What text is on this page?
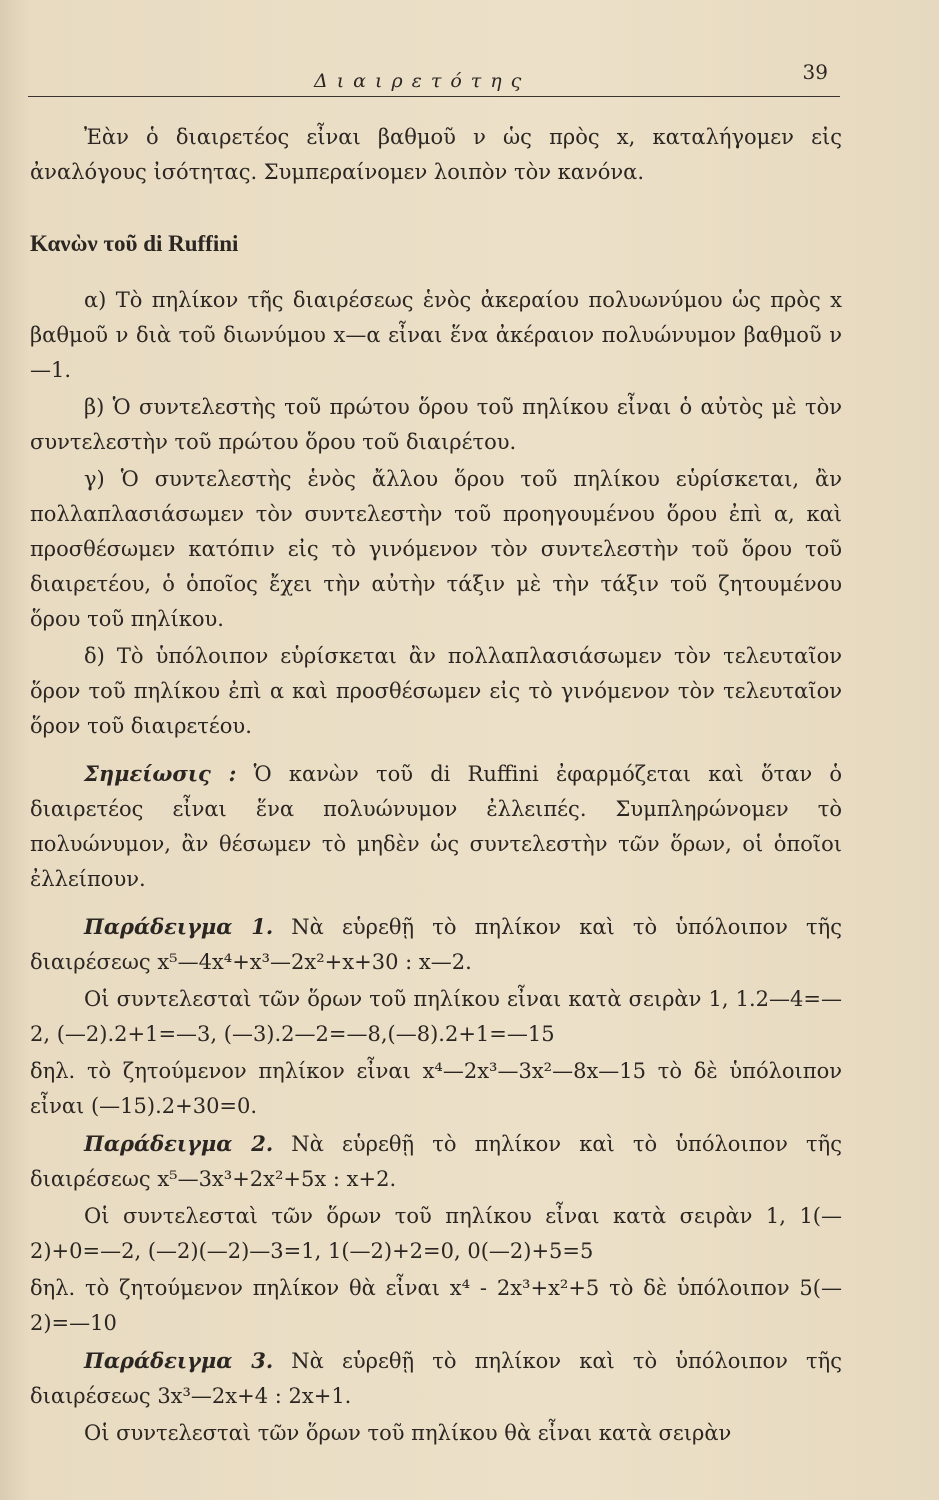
Διαιρετότης	39

Ἐὰν ὁ διαιρετέος εἶναι βαθμοῦ ν ὡς πρὸς x, καταλήγομεν εἰς ἀναλόγους ἰσότητας. Συμπεραίνομεν λοιπὸν τὸν κανόνα.

Κανὼν τοῦ di Ruffini

α) Τὸ πηλίκον τῆς διαιρέσεως ἑνὸς ἀκεραίου πολυωνύμου ὡς πρὸς x βαθμοῦ ν διὰ τοῦ διωνύμου x—α εἶναι ἕνα ἀκέραιον πολυώνυμον βαθμοῦ ν—1.

β) Ὁ συντελεστὴς τοῦ πρώτου ὅρου τοῦ πηλίκου εἶναι ὁ αὐτὸς μὲ τὸν συντελεστὴν τοῦ πρώτου ὅρου τοῦ διαιρέτου.

γ) Ὁ συντελεστὴς ἑνὸς ἄλλου ὅρου τοῦ πηλίκου εὑρίσκεται, ἂν πολλαπλασιάσωμεν τὸν συντελεστὴν τοῦ προηγουμένου ὅρου ἐπὶ α, καὶ προσθέσωμεν κατόπιν εἰς τὸ γινόμενον τὸν συντελεστὴν τοῦ ὅρου τοῦ διαιρετέου, ὁ ὁποῖος ἔχει τὴν αὐτὴν τάξιν μὲ τὴν τάξιν τοῦ ζητουμένου ὅρου τοῦ πηλίκου.

δ) Τὸ ὑπόλοιπον εὑρίσκεται ἂν πολλαπλασιάσωμεν τὸν τελευταῖον ὅρον τοῦ πηλίκου ἐπὶ α καὶ προσθέσωμεν εἰς τὸ γινόμενον τὸν τελευταῖον ὅρον τοῦ διαιρετέου.

Σημείωσις : Ὁ κανὼν τοῦ di Ruffini ἐφαρμόζεται καὶ ὅταν ὁ διαιρετέος εἶναι ἕνα πολυώνυμον ἐλλειπές. Συμπληρώνομεν τὸ πολυώνυμον, ἂν θέσωμεν τὸ μηδὲν ὡς συντελεστὴν τῶν ὅρων, οἱ ὁποῖοι ἐλλείπουν.

Παράδειγμα 1. Νὰ εὑρεθῇ τὸ πηλίκον καὶ τὸ ὑπόλοιπον τῆς διαιρέσεως x⁵—4x⁴+x³—2x²+x+30 : x—2.

Οἱ συντελεσταὶ τῶν ὅρων τοῦ πηλίκου εἶναι κατὰ σειρὰν 1, 1.2—4=—2, (—2).2+1=—3, (—3).2—2=—8,(—8).2+1=—15

δηλ. τὸ ζητούμενον πηλίκον εἶναι x⁴—2x³—3x²—8x—15 τὸ δὲ ὑπόλοιπον εἶναι (—15).2+30=0.

Παράδειγμα 2. Νὰ εὑρεθῇ τὸ πηλίκον καὶ τὸ ὑπόλοιπον τῆς διαιρέσεως x⁵—3x³+2x²+5x : x+2.

Οἱ συντελεσταὶ τῶν ὅρων τοῦ πηλίκου εἶναι κατὰ σειρὰν 1, 1(—2)+0=—2, (—2)(—2)—3=1, 1(—2)+2=0, 0(—2)+5=5

δηλ. τὸ ζητούμενον πηλίκον θὰ εἶναι x⁴ - 2x³+x²+5 τὸ δὲ ὑπόλοιπον 5(—2)=—10

Παράδειγμα 3. Νὰ εὑρεθῇ τὸ πηλίκον καὶ τὸ ὑπόλοιπον τῆς διαιρέσεως 3x³—2x+4 : 2x+1.

Οἱ συντελεσταὶ τῶν ὅρων τοῦ πηλίκου θὰ εἶναι κατὰ σειρὰν
